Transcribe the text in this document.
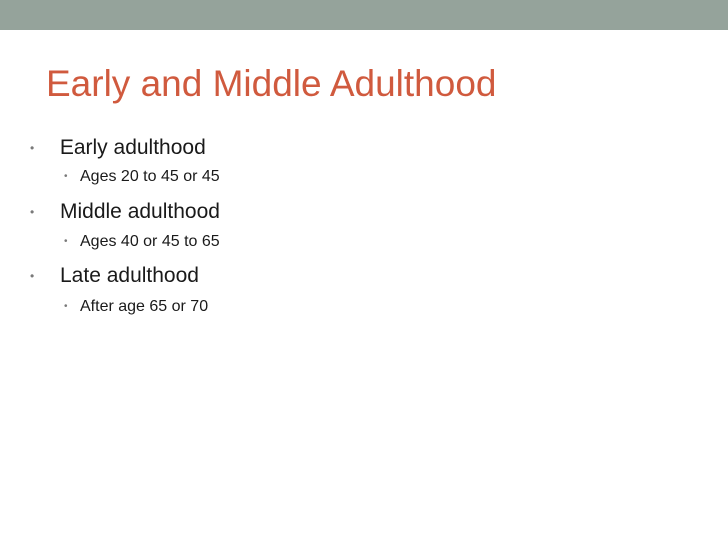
Early and Middle Adulthood
• Early adulthood
• Ages 20 to 45 or 45
• Middle adulthood
• Ages 40 or 45 to 65
• Late adulthood
• After age 65 or 70
